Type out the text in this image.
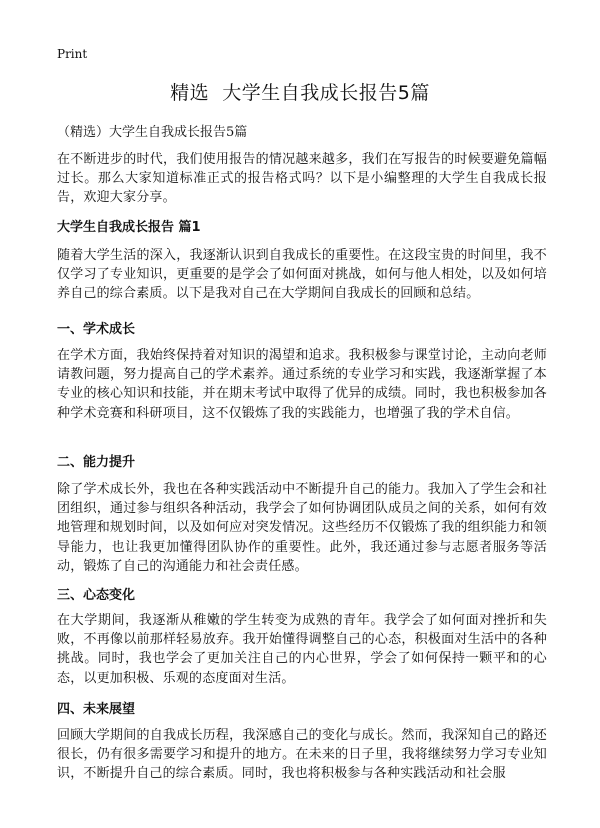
Print
精选  大学生自我成长报告5篇
（精选）大学生自我成长报告5篇

在不断进步的时代，我们使用报告的情况越来越多，我们在写报告的时候要避免篇幅过长。那么大家知道标准正式的报告格式吗？以下是小编整理的大学生自我成长报告，欢迎大家分享。

大学生自我成长报告 篇1

随着大学生活的深入，我逐渐认识到自我成长的重要性。在这段宝贵的时间里，我不仅学习了专业知识，更重要的是学会了如何面对挑战，如何与他人相处，以及如何培养自己的综合素质。以下是我对自己在大学期间自我成长的回顾和总结。

一、学术成长

在学术方面，我始终保持着对知识的渴望和追求。我积极参与课堂讨论，主动向老师请教问题，努力提高自己的学术素养。通过系统的专业学习和实践，我逐渐掌握了本专业的核心知识和技能，并在期末考试中取得了优异的成绩。同时，我也积极参加各种学术竞赛和科研项目，这不仅锻炼了我的实践能力，也增强了我的学术自信。

二、能力提升

除了学术成长外，我也在各种实践活动中不断提升自己的能力。我加入了学生会和社团组织，通过参与组织各种活动，我学会了如何协调团队成员之间的关系，如何有效地管理和规划时间，以及如何应对突发情况。这些经历不仅锻炼了我的组织能力和领导能力，也让我更加懂得团队协作的重要性。此外，我还通过参与志愿者服务等活动，锻炼了自己的沟通能力和社会责任感。

三、心态变化

在大学期间，我逐渐从稚嫩的学生转变为成熟的青年。我学会了如何面对挫折和失败，不再像以前那样轻易放弃。我开始懂得调整自己的心态，积极面对生活中的各种挑战。同时，我也学会了更加关注自己的内心世界，学会了如何保持一颗平和的心态，以更加积极、乐观的态度面对生活。

四、未来展望

回顾大学期间的自我成长历程，我深感自己的变化与成长。然而，我深知自己的路还很长，仍有很多需要学习和提升的地方。在未来的日子里，我将继续努力学习专业知识，不断提升自己的综合素质。同时，我也将积极参与各种实践活动和社会服
